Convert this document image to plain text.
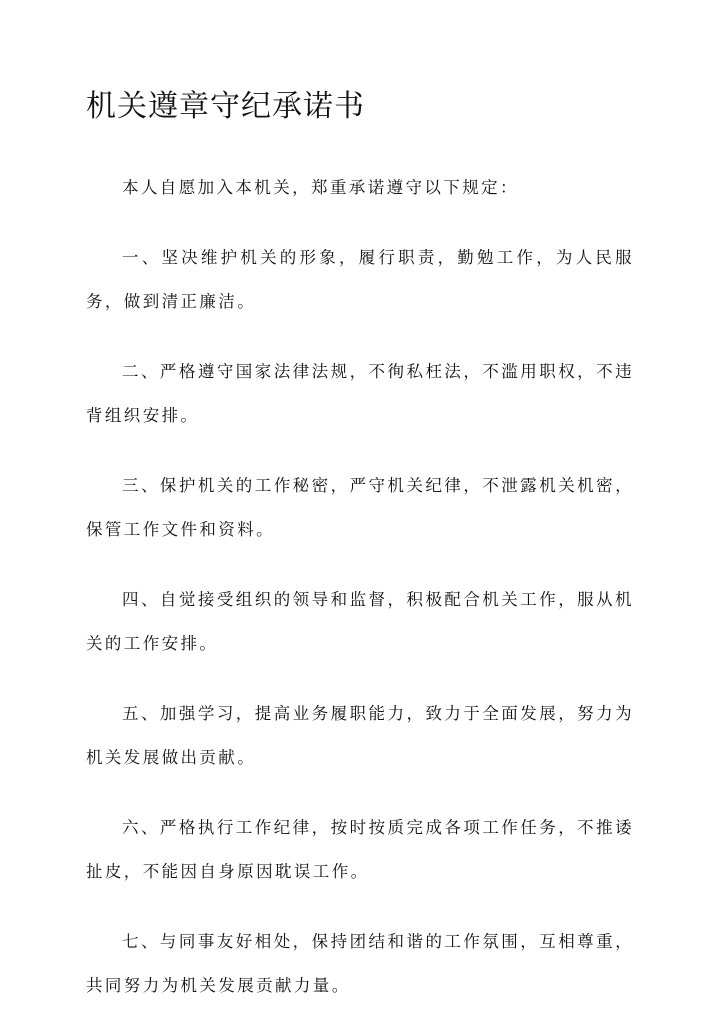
机关遵章守纪承诺书

本人自愿加入本机关，郑重承诺遵守以下规定：

一、坚决维护机关的形象，履行职责，勤勉工作，为人民服务，做到清正廉洁。

二、严格遵守国家法律法规，不徇私枉法，不滥用职权，不违背组织安排。

三、保护机关的工作秘密，严守机关纪律，不泄露机关机密，保管工作文件和资料。

四、自觉接受组织的领导和监督，积极配合机关工作，服从机关的工作安排。

五、加强学习，提高业务履职能力，致力于全面发展，努力为机关发展做出贡献。

六、严格执行工作纪律，按时按质完成各项工作任务，不推诿扯皮，不能因自身原因耽误工作。

七、与同事友好相处，保持团结和谐的工作氛围，互相尊重，共同努力为机关发展贡献力量。
